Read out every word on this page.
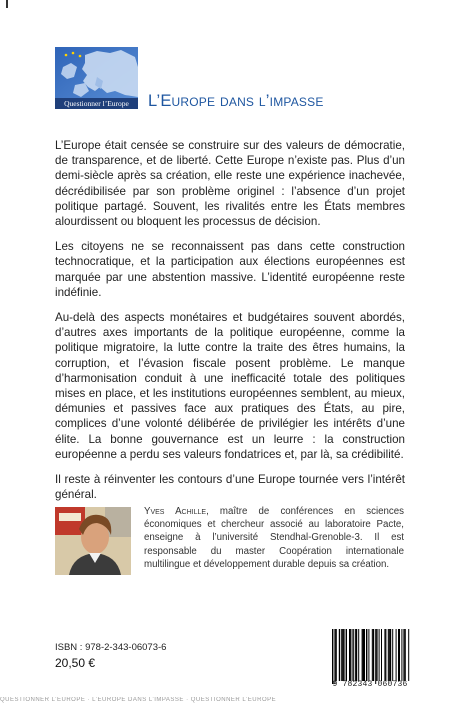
Questionner l’Europe	L’Europe dans l’impasse

L’Europe était censée se construire sur des valeurs de démocratie, de transparence, et de liberté. Cette Europe n’existe pas. Plus d’un demi-siècle après sa création, elle reste une expérience inachevée, décrédibilisée par son problème originel : l’absence d’un projet politique partagé. Souvent, les rivalités entre les États membres alourdissent ou bloquent les processus de décision.

Les citoyens ne se reconnaissent pas dans cette construction technocratique, et la participation aux élections européennes est marquée par une abstention massive. L’identité européenne reste indéfinie.

Au-delà des aspects monétaires et budgétaires souvent abordés, d’autres axes importants de la politique européenne, comme la politique migratoire, la lutte contre la traite des êtres humains, la corruption, et l’évasion fiscale posent problème. Le manque d’harmonisation conduit à une inefficacité totale des politiques mises en place, et les institutions européennes semblent, au mieux, démunies et passives face aux pratiques des États, au pire, complices d’une volonté délibérée de privilégier les intérêts d’une élite. La bonne gouvernance est un leurre : la construction européenne a perdu ses valeurs fondatrices et, par là, sa crédibilité.

Il reste à réinventer les contours d’une Europe tournée vers l’intérêt général.

Yves Achille, maître de conférences en sciences économiques et chercheur associé au laboratoire Pacte, enseigne à l’université Stendhal-Grenoble-3. Il est responsable du master Coopération internationale multilingue et développement durable depuis sa création.
ISBN : 978-2-343-06073-6
20,50 €
9 782343 060736
QUESTIONNER L’EUROPE · L’EUROPE DANS L’IMPASSE · QUESTIONNER L’EUROPE
